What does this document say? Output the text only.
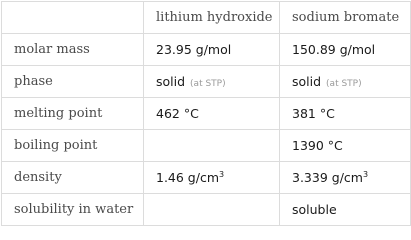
	lithium hydroxide	sodium bromate
molar mass	23.95 g/mol	150.89 g/mol
phase	solid (at STP)	solid (at STP)
melting point	462 °C	381 °C
boiling point		1390 °C
density	1.46 $g/cm^3$	3.339 $g/cm^3$
solubility in water		soluble
